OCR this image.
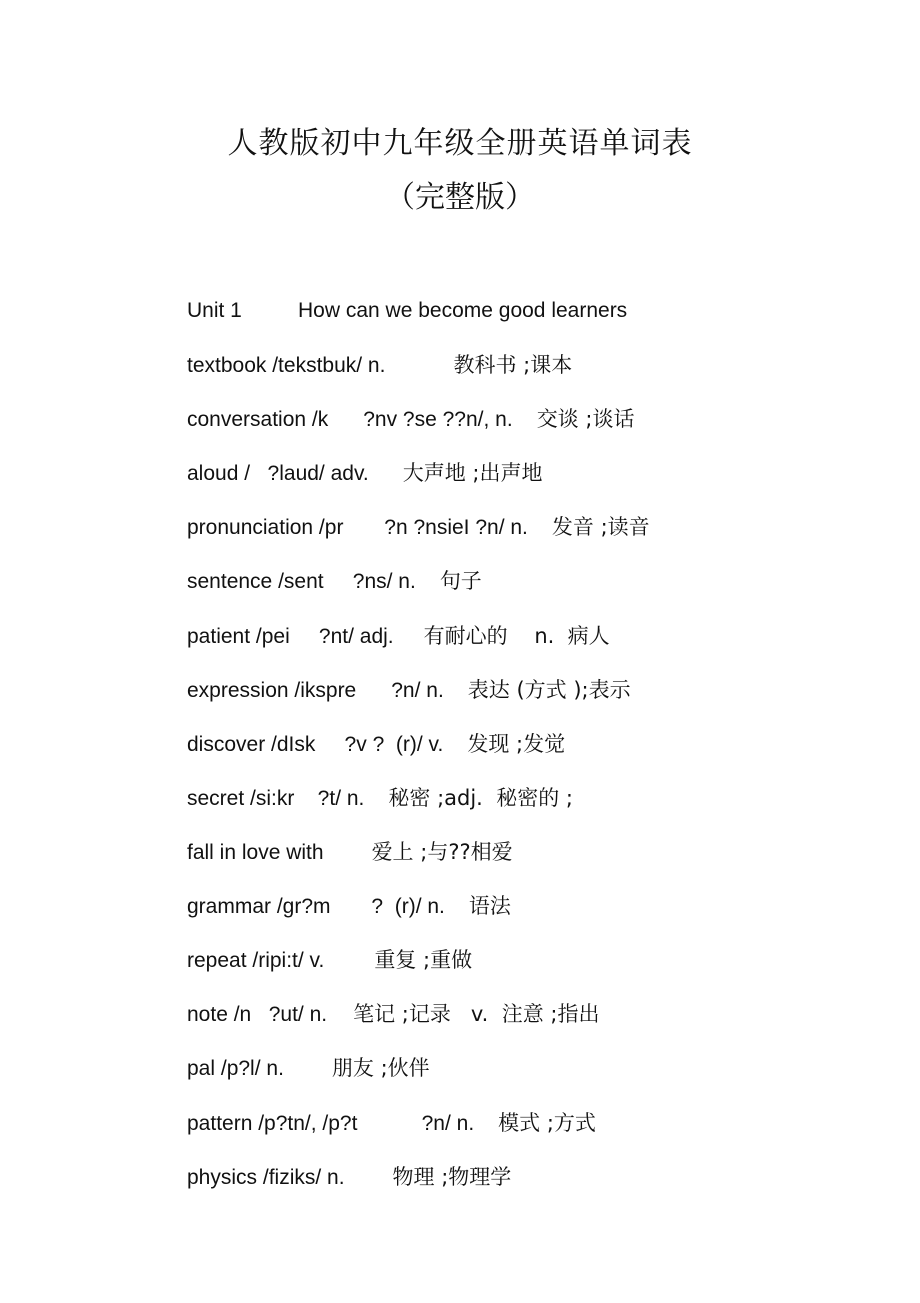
人教版初中九年级全册英语单词表
（完整版）
Unit 1	How can we become good learners
textbook /tekstbuk/ n.	教科书 ;课本
conversation /k      ?nv ?se ??n/, n. 交谈 ;谈话
aloud /   ?laud/ adv. 大声地 ;出声地
pronunciation /pr       ?n ?nsieI ?n/ n. 发音 ;读音
sentence /sent     ?ns/ n. 句子
patient /pei     ?nt/ adj. 有耐心的    n.  病人
expression /ikspre      ?n/ n. 表达 (方式 );表示
discover /dIsk     ?v ?  (r)/ v. 发现 ;发觉
secret /si:kr    ?t/ n. 秘密 ;adj.  秘密的 ;
fall in love with 爱上 ;与??相爱
grammar /gr?m       ?  (r)/ n. 语法
repeat /ripi:t/ v. 重复 ;重做
note /n   ?ut/ n. 笔记 ;记录   v.  注意 ;指出
pal /p?l/ n. 朋友 ;伙伴
pattern /p?tn/, /p?t           ?n/ n. 模式 ;方式
physics /fiziks/ n. 物理 ;物理学
